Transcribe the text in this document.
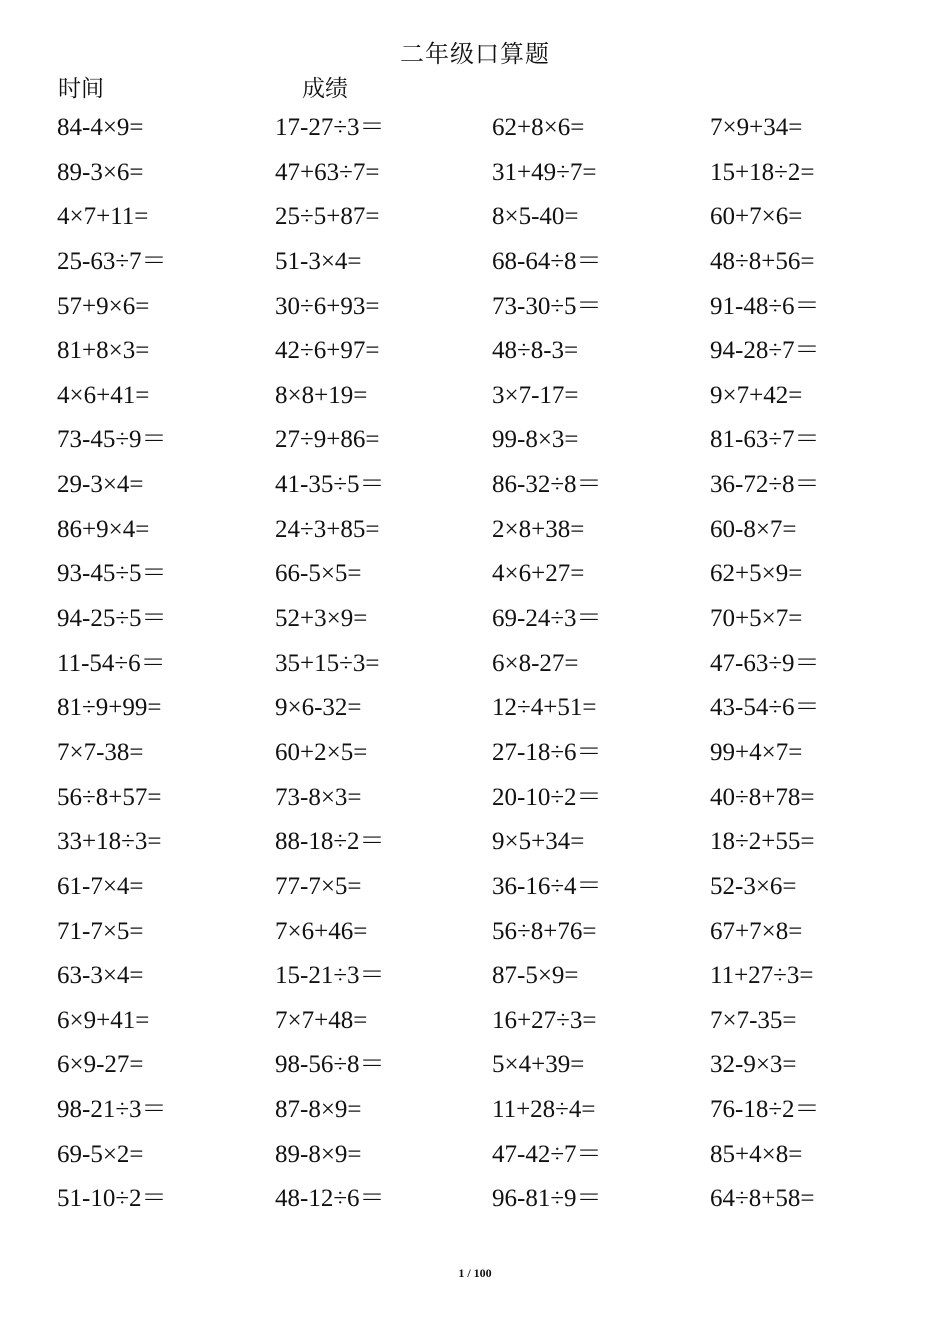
二年级口算题
时间	成绩
84-4×9=	17-27÷3＝	62+8×6=	7×9+34=
89-3×6=	47+63÷7=	31+49÷7=	15+18÷2=
4×7+11=	25÷5+87=	8×5-40=	60+7×6=
25-63÷7＝	51-3×4=	68-64÷8＝	48÷8+56=
57+9×6=	30÷6+93=	73-30÷5＝	91-48÷6＝
81+8×3=	42÷6+97=	48÷8-3=	94-28÷7＝
4×6+41=	8×8+19=	3×7-17=	9×7+42=
73-45÷9＝	27÷9+86=	99-8×3=	81-63÷7＝
29-3×4=	41-35÷5＝	86-32÷8＝	36-72÷8＝
86+9×4=	24÷3+85=	2×8+38=	60-8×7=
93-45÷5＝	66-5×5=	4×6+27=	62+5×9=
94-25÷5＝	52+3×9=	69-24÷3＝	70+5×7=
11-54÷6＝	35+15÷3=	6×8-27=	47-63÷9＝
81÷9+99=	9×6-32=	12÷4+51=	43-54÷6＝
7×7-38=	60+2×5=	27-18÷6＝	99+4×7=
56÷8+57=	73-8×3=	20-10÷2＝	40÷8+78=
33+18÷3=	88-18÷2＝	9×5+34=	18÷2+55=
61-7×4=	77-7×5=	36-16÷4＝	52-3×6=
71-7×5=	7×6+46=	56÷8+76=	67+7×8=
63-3×4=	15-21÷3＝	87-5×9=	11+27÷3=
6×9+41=	7×7+48=	16+27÷3=	7×7-35=
6×9-27=	98-56÷8＝	5×4+39=	32-9×3=
98-21÷3＝	87-8×9=	11+28÷4=	76-18÷2＝
69-5×2=	89-8×9=	47-42÷7＝	85+4×8=
51-10÷2＝	48-12÷6＝	96-81÷9＝	64÷8+58=
1 / 100
